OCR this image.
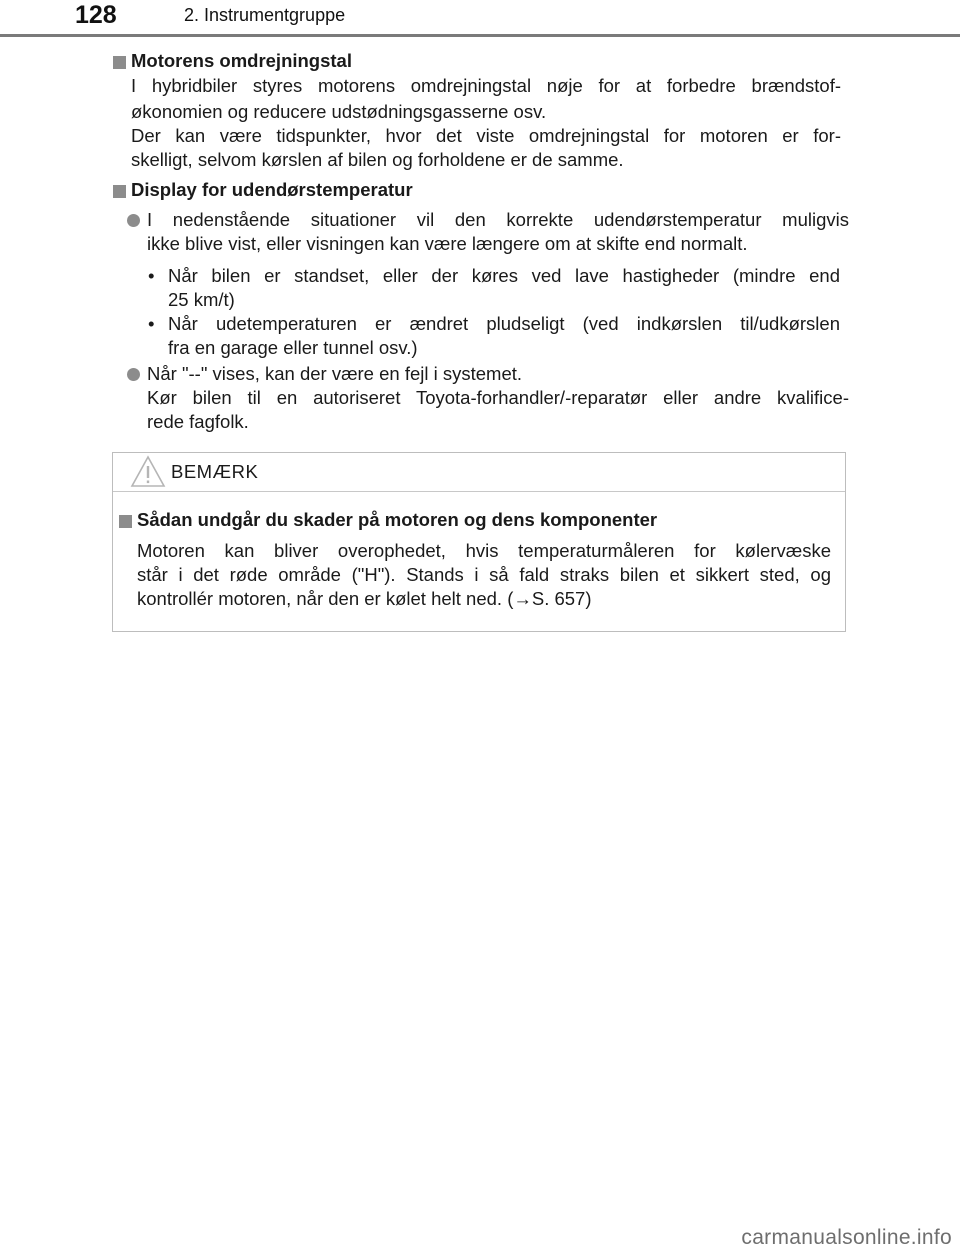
128	2. Instrumentgruppe
Motorens omdrejningstal
I hybridbiler styres motorens omdrejningstal nøje for at forbedre brændstof-
økonomien og reducere udstødningsgasserne osv.
Der kan være tidspunkter, hvor det viste omdrejningstal for motoren er for-
skelligt, selvom kørslen af bilen og forholdene er de samme.
Display for udendørstemperatur
I nedenstående situationer vil den korrekte udendørstemperatur muligvis
ikke blive vist, eller visningen kan være længere om at skifte end normalt.
• Når bilen er standset, eller der køres ved lave hastigheder (mindre end
25 km/t)
• Når udetemperaturen er ændret pludseligt (ved indkørslen til/udkørslen
fra en garage eller tunnel osv.)
Når "--" vises, kan der være en fejl i systemet.
Kør bilen til en autoriseret Toyota-forhandler/-reparatør eller andre kvalifice-
rede fagfolk.
BEMÆRK
Sådan undgår du skader på motoren og dens komponenter
Motoren kan bliver overophedet, hvis temperaturmåleren for kølervæske
står i det røde område ("H"). Stands i så fald straks bilen et sikkert sted, og
kontrollér motoren, når den er kølet helt ned. (→S. 657)
carmanualsonline.info
